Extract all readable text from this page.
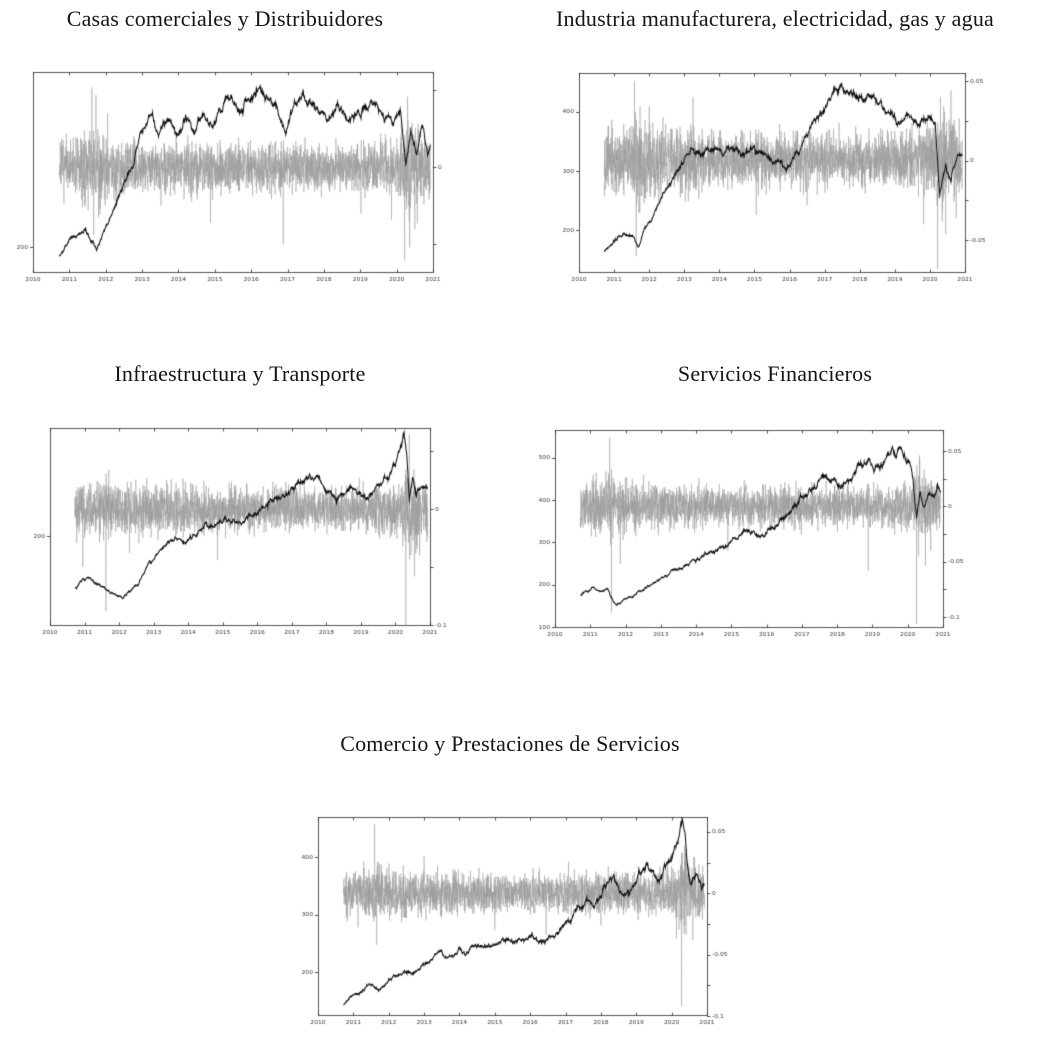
Casas comerciales y Distribuidores	Industria manufacturera, electricidad, gas y agua
Infraestructura y Transporte	Servicios Financieros
Comercio y Prestaciones de Servicios
